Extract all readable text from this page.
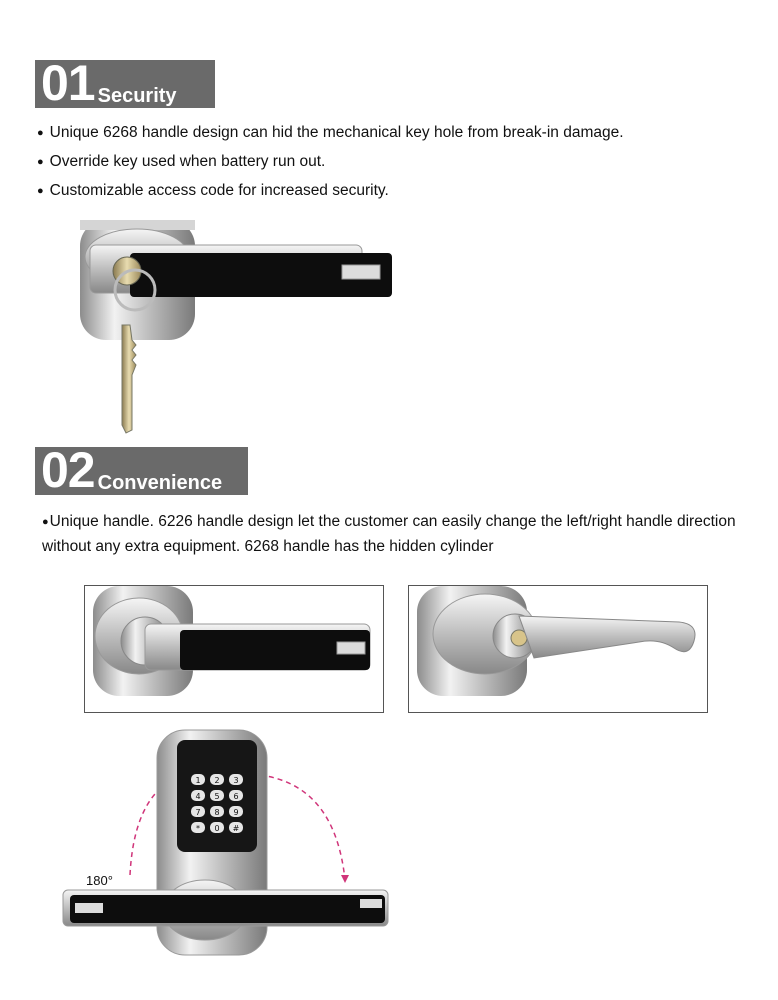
01 Security
● Unique 6268 handle design can hid the mechanical key hole from break-in damage.
● Override key used when battery run out.
● Customizable access code for increased security.
02 Convenience
● Unique handle. 6226 handle design let the customer can easily change the left/right handle direction without any extra equipment. 6268 handle has the hidden cylinder
1 2 3
4 5 6
7 8 9
* 0 #
180°
